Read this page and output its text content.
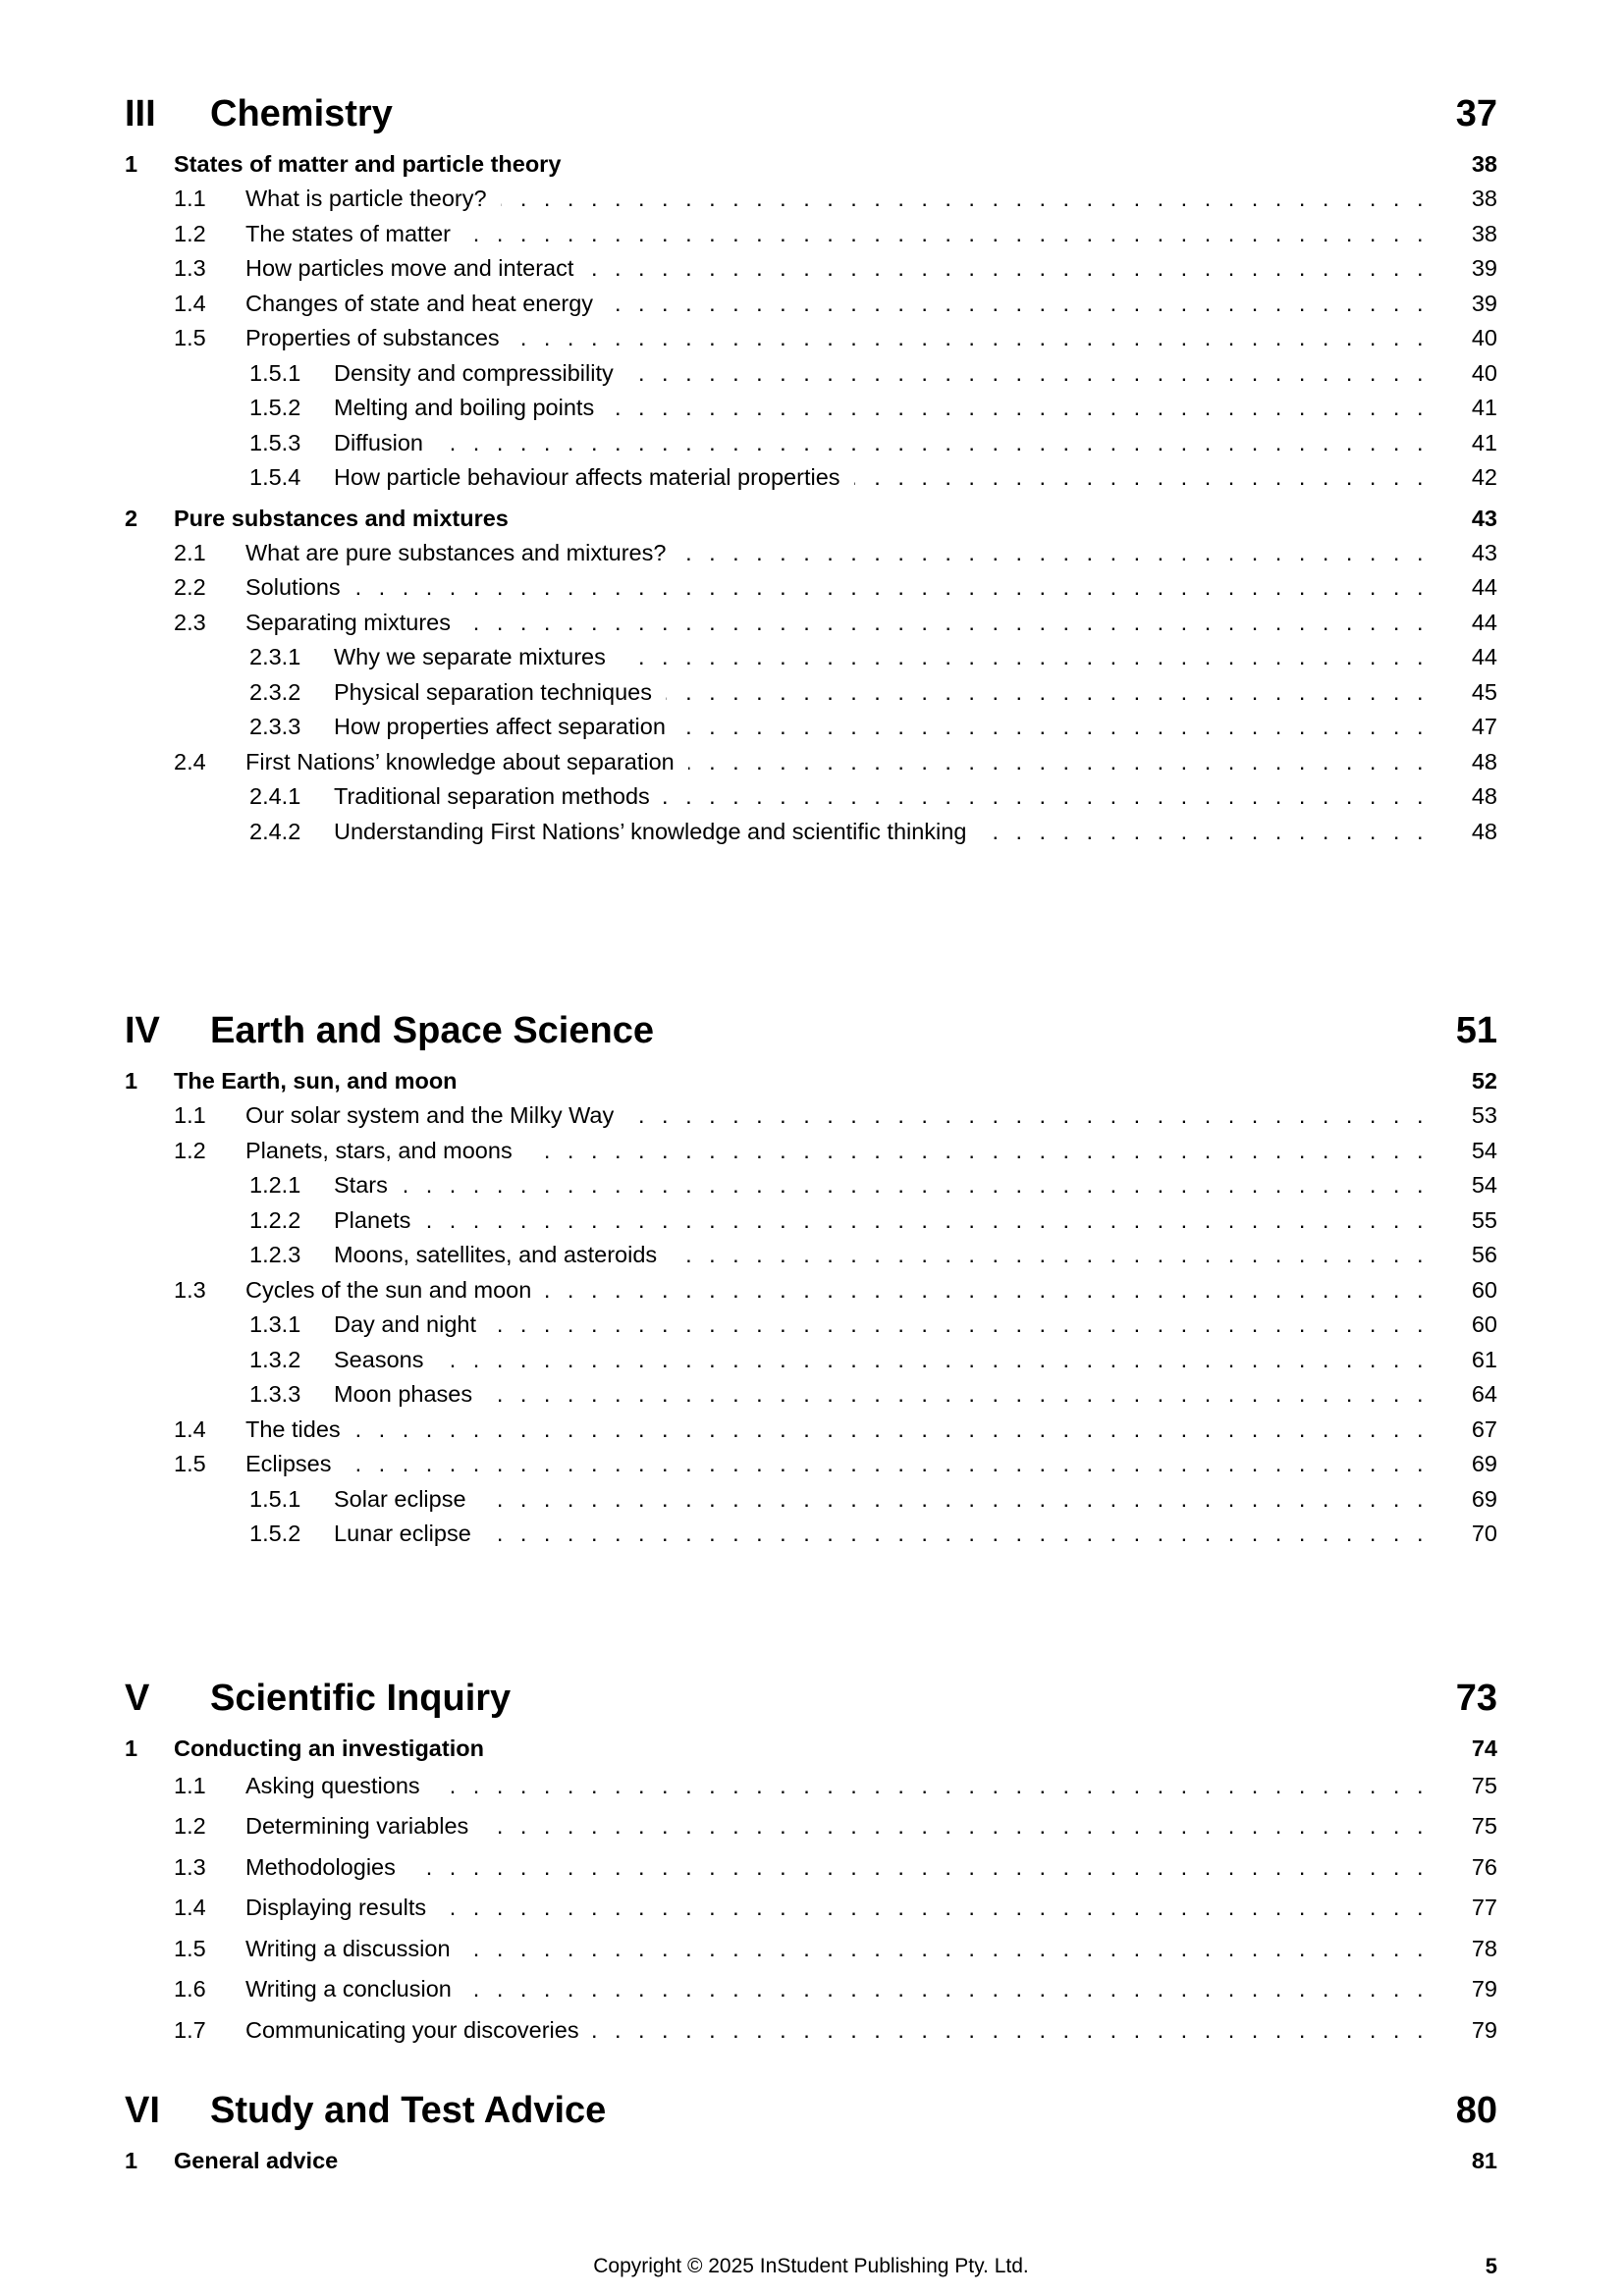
III	Chemistry	37
1	States of matter and particle theory	38
1.1	What is particle theory? .....	38
1.2	The states of matter .....	38
1.3	How particles move and interact .....	39
1.4	Changes of state and heat energy .....	39
1.5	Properties of substances .....	40
1.5.1	Density and compressibility .....	40
1.5.2	Melting and boiling points .....	41
1.5.3	Diffusion .....	41
1.5.4	How particle behaviour affects material properties .....	42
2	Pure substances and mixtures	43
2.1	What are pure substances and mixtures? .....	43
2.2	Solutions .....	44
2.3	Separating mixtures .....	44
2.3.1	Why we separate mixtures .....	44
2.3.2	Physical separation techniques .....	45
2.3.3	How properties affect separation .....	47
2.4	First Nations’ knowledge about separation .....	48
2.4.1	Traditional separation methods .....	48
2.4.2	Understanding First Nations’ knowledge and scientific thinking .....	48
IV	Earth and Space Science	51
1	The Earth, sun, and moon	52
1.1	Our solar system and the Milky Way .....	53
1.2	Planets, stars, and moons .....	54
1.2.1	Stars .....	54
1.2.2	Planets .....	55
1.2.3	Moons, satellites, and asteroids .....	56
1.3	Cycles of the sun and moon .....	60
1.3.1	Day and night .....	60
1.3.2	Seasons .....	61
1.3.3	Moon phases .....	64
1.4	The tides .....	67
1.5	Eclipses .....	69
1.5.1	Solar eclipse .....	69
1.5.2	Lunar eclipse .....	70
V	Scientific Inquiry	73
1	Conducting an investigation	74
1.1	Asking questions .....	75
1.2	Determining variables .....	75
1.3	Methodologies .....	76
1.4	Displaying results .....	77
1.5	Writing a discussion .....	78
1.6	Writing a conclusion .....	79
1.7	Communicating your discoveries .....	79
VI	Study and Test Advice	80
1	General advice	81
Copyright © 2025 InStudent Publishing Pty. Ltd.	5
